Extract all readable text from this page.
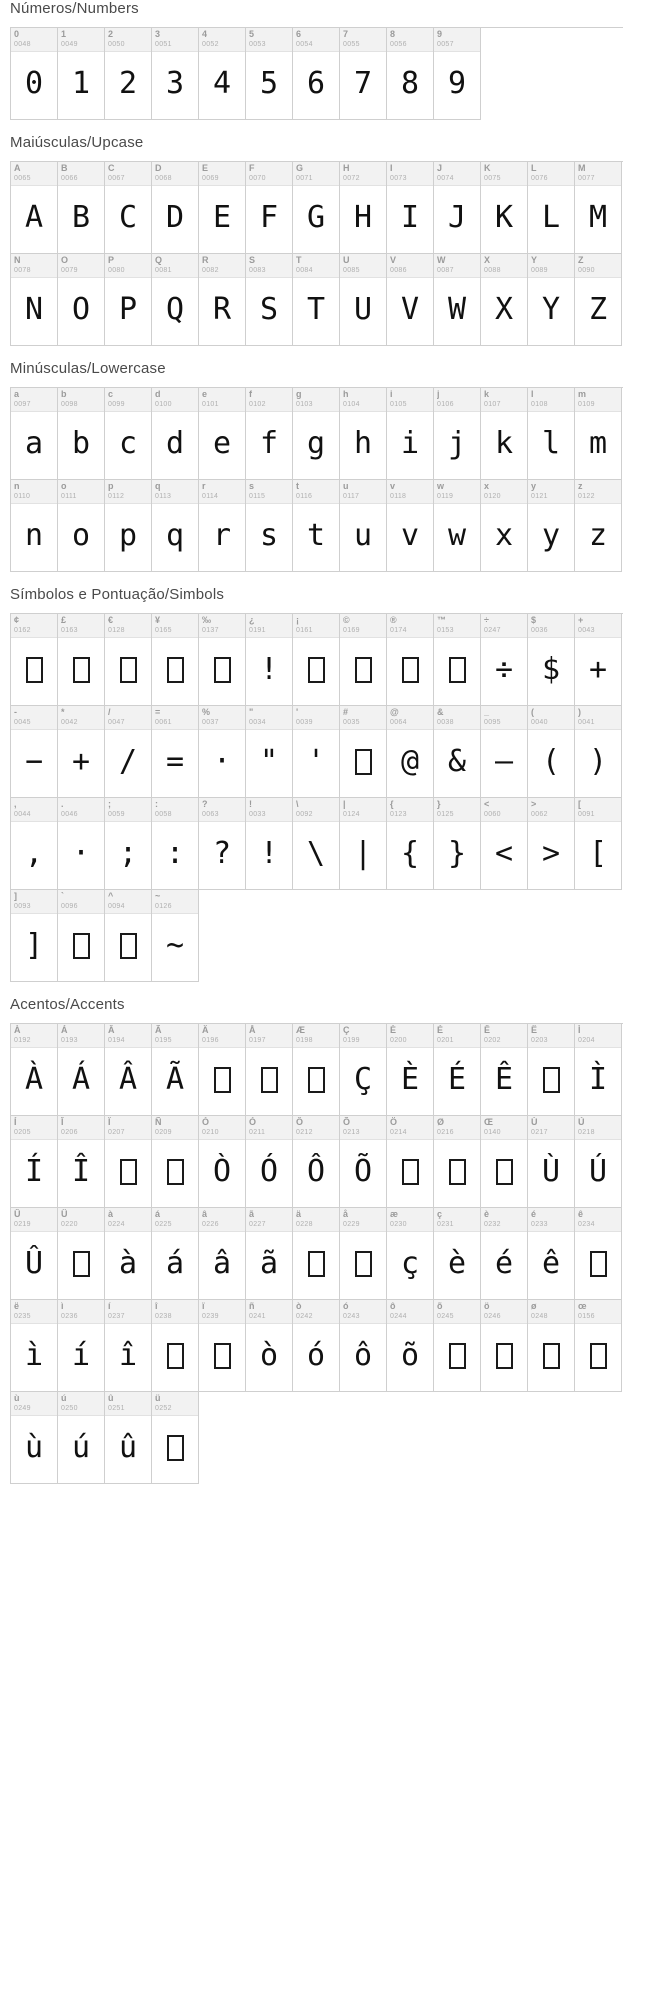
Números/Numbers
0
0048
0
1
0049
1
2
0050
2
3
0051
3
4
0052
4
5
0053
5
6
0054
6
7
0055
7
8
0056
8
9
0057
9
Maiúsculas/Upcase
A
0065
A
B
0066
B
C
0067
C
D
0068
D
E
0069
E
F
0070
F
G
0071
G
H
0072
H
I
0073
I
J
0074
J
K
0075
K
L
0076
L
M
0077
M
N
0078
N
O
0079
O
P
0080
P
Q
0081
Q
R
0082
R
S
0083
S
T
0084
T
U
0085
U
V
0086
V
W
0087
W
X
0088
X
Y
0089
Y
Z
0090
Z
Minúsculas/Lowercase
a
0097
a
b
0098
b
c
0099
c
d
0100
d
e
0101
e
f
0102
f
g
0103
g
h
0104
h
i
0105
i
j
0106
j
k
0107
k
l
0108
l
m
0109
m
n
0110
n
o
0111
o
p
0112
p
q
0113
q
r
0114
r
s
0115
s
t
0116
t
u
0117
u
v
0118
v
w
0119
w
x
0120
x
y
0121
y
z
0122
z
Símbolos e Pontuação/Simbols
¢
0162
£
0163
€
0128
¥
0165
‰
0137
¿
0191
!
¡
0161
©
0169
®
0174
™
0153
÷
0247
÷
$
0036
$
+
0043
+
-
0045
−
*
0042
+
/
0047
/
=
0061
=
%
0037
·
"
0034
"
'
0039
'
#
0035
@
0064
@
&
0038
&
_
0095
—
(
0040
(
)
0041
)
,
0044
,
.
0046
·
;
0059
;
:
0058
:
?
0063
?
!
0033
!
\
0092
\
|
0124
|
{
0123
{
}
0125
}
<
0060
<
>
0062
>
[
0091
[
]
0093
]
`
0096
^
0094
~
0126
~
Acentos/Accents
À
0192
À
Á
0193
Á
Â
0194
Â
Ã
0195
Ã
Ä
0196
Å
0197
Æ
0198
Ç
0199
Ç
È
0200
È
É
0201
É
Ê
0202
Ê
Ë
0203
Ì
0204
Ì
Í
0205
Í
Î
0206
Î
Ï
0207
Ñ
0209
Ò
0210
Ò
Ó
0211
Ó
Ô
0212
Ô
Õ
0213
Õ
Ö
0214
Ø
0216
Œ
0140
Ù
0217
Ù
Ú
0218
Ú
Û
0219
Û
Ü
0220
à
0224
à
á
0225
á
â
0226
â
ã
0227
ã
ä
0228
å
0229
æ
0230
ç
ç
0231
è
è
0232
é
é
0233
ê
ê
0234
ë
0235
ì
ì
0236
í
í
0237
î
î
0238
ï
0239
ñ
0241
ò
ò
0242
ó
ó
0243
ô
ô
0244
õ
õ
0245
ö
0246
ø
0248
œ
0156
ù
0249
ù
ú
0250
ú
û
0251
û
ü
0252
